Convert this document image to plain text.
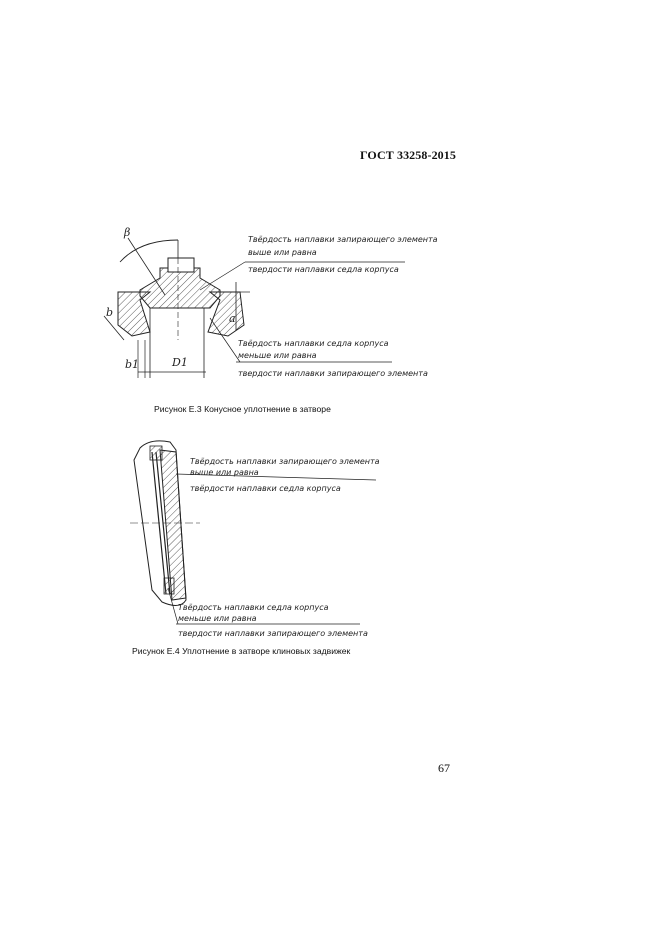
ГОСТ 33258-2015
β
b1	D1
b	a
Твёрдость наплавки запирающего элемента
выше или равна
твердости наплавки седла корпуса
Твёрдость наплавки седла корпуса
меньше или равна
твердости наплавки запирающего элемента
Рисунок Е.3 Конусное уплотнение в затворе
Твёрдость наплавки запирающего элемента
выше или равна
твёрдости наплавки седла корпуса
Твёрдость наплавки седла корпуса
меньше или равна
твердости наплавки запирающего элемента
Рисунок Е.4 Уплотнение в затворе клиновых задвижек
67
